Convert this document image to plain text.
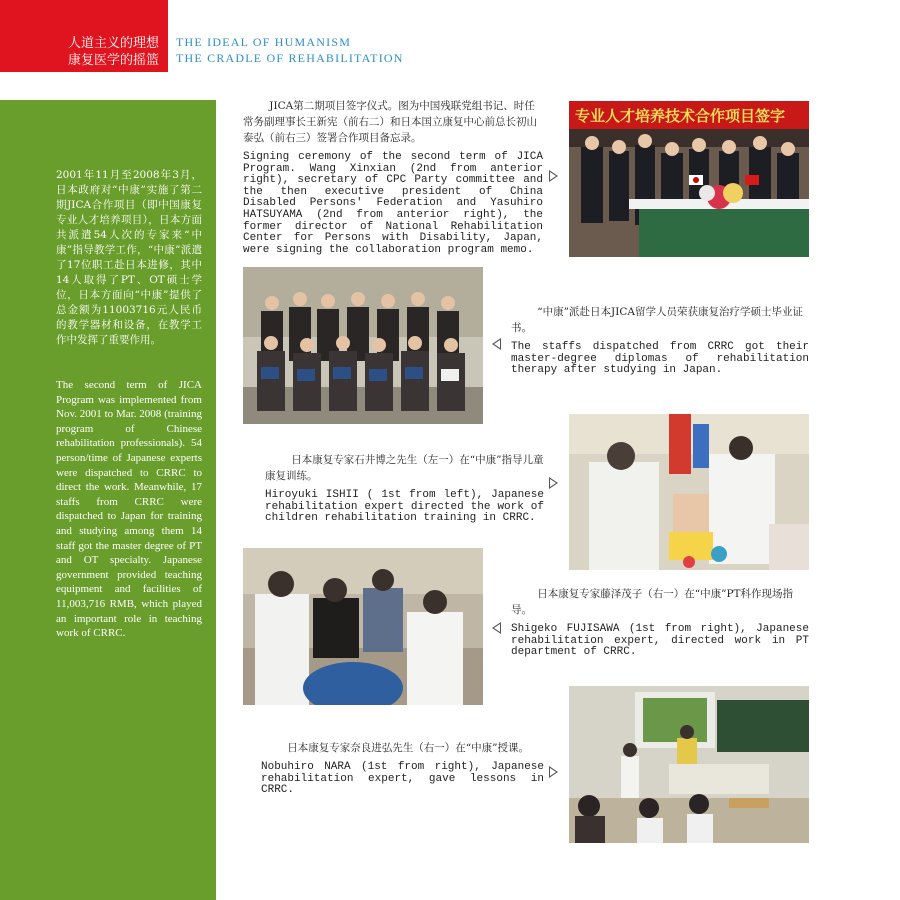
人道主义的理想
康复医学的摇篮
THE IDEAL OF HUMANISM
THE CRADLE OF REHABILITATION
2001年11月至2008年3月，日本政府对“中康”实施了第二期JICA合作项目（即中国康复专业人才培养项目），日本方面共派遣54人次的专家来“中康”指导教学工作，“中康”派遣了17位职工赴日本进修，其中14人取得了PT、OT硕士学位，日本方面向“中康”提供了总金额为11003716元人民币的教学器材和设备，在教学工作中发挥了重要作用。
The second term of JICA Program was implemented from Nov. 2001 to Mar. 2008 (training program of Chinese rehabilitation professionals). 54 person/time of Japanese experts were dispatched to CRRC to direct the work. Meanwhile, 17 staffs from CRRC were dispatched to Japan for training and studying among them 14 staff got the master degree of PT and OT specialty. Japanese government provided teaching equipment and facilities of 11,003,716 RMB, which played an important role in teaching work of CRRC.

JICA第二期项目签字仪式。图为中国残联党组书记、时任常务副理事长王新宪（前右二）和日本国立康复中心前总长初山泰弘（前右三）签署合作项目备忘录。

Signing ceremony of the second term of JICA Program. Wang Xinxian (2nd from anterior right), secretary of CPC Party committee and the then executive president of China Disabled Persons' Federation and Yasuhiro HATSUYAMA (2nd from anterior right), the former director of National Rehabilitation Center for Persons with Disability, Japan, were signing the collaboration program memo.

专业人才培养技术合作项目签字

“中康”派赴日本JICA留学人员荣获康复治疗学硕士毕业证书。

The staffs dispatched from CRRC got their master-degree diplomas of rehabilitation therapy after studying in Japan.

日本康复专家石井博之先生（左一）在“中康”指导儿童康复训练。

Hiroyuki ISHII ( 1st from left), Japanese rehabilitation expert directed the work of children rehabilitation training in CRRC.

日本康复专家藤泽茂子（右一）在“中康”PT科作现场指导。

Shigeko FUJISAWA (1st from right), Japanese rehabilitation expert, directed work in PT department of CRRC.

日本康复专家奈良进弘先生（右一）在“中康”授课。

Nobuhiro NARA (1st from right), Japanese rehabilitation expert, gave lessons in CRRC.
